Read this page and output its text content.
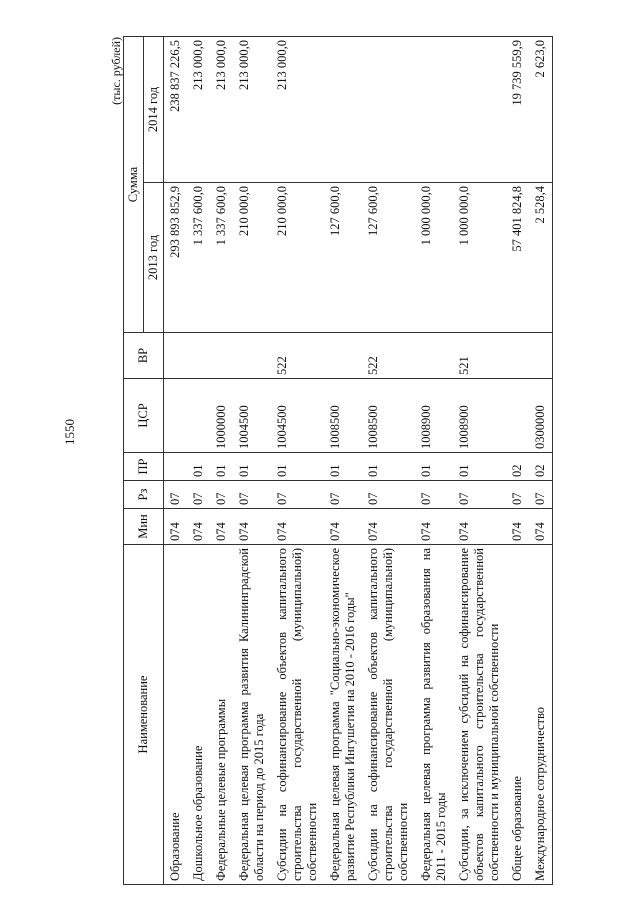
1550
(тыс. рублей)
Наименование	Мин	Рз	ПР	ЦСР	ВР	Сумма	
						2013 год	2014 год
Образование	074	07				293 893 852,9	238 837 226,5
Дошкольное образование	074	07	01			1 337 600,0	213 000,0
Федеральные целевые программы	074	07	01	1000000		1 337 600,0	213 000,0
Федеральная целевая программа развития Калининградской области на период до 2015 года	074	07	01	1004500		210 000,0	213 000,0
Субсидии на софинансирование объектов капитального строительства государственной (муниципальной) собственности	074	07	01	1004500	522	210 000,0	213 000,0
Федеральная целевая программа "Социально-экономическое развитие Республики Ингушетия на 2010 - 2016 годы"	074	07	01	1008500		127 600,0	
Субсидии на софинансирование объектов капитального строительства государственной (муниципальной) собственности	074	07	01	1008500	522	127 600,0	
Федеральная целевая программа развития образования на 2011 - 2015 годы	074	07	01	1008900		1 000 000,0	
Субсидии, за исключением субсидий на софинансирование объектов капитального строительства государственной собственности и муниципальной собственности	074	07	01	1008900	521	1 000 000,0	
Общее образование	074	07	02			57 401 824,8	19 739 559,9
Международное сотрудничество	074	07	02	0300000		2 528,4	2 623,0
